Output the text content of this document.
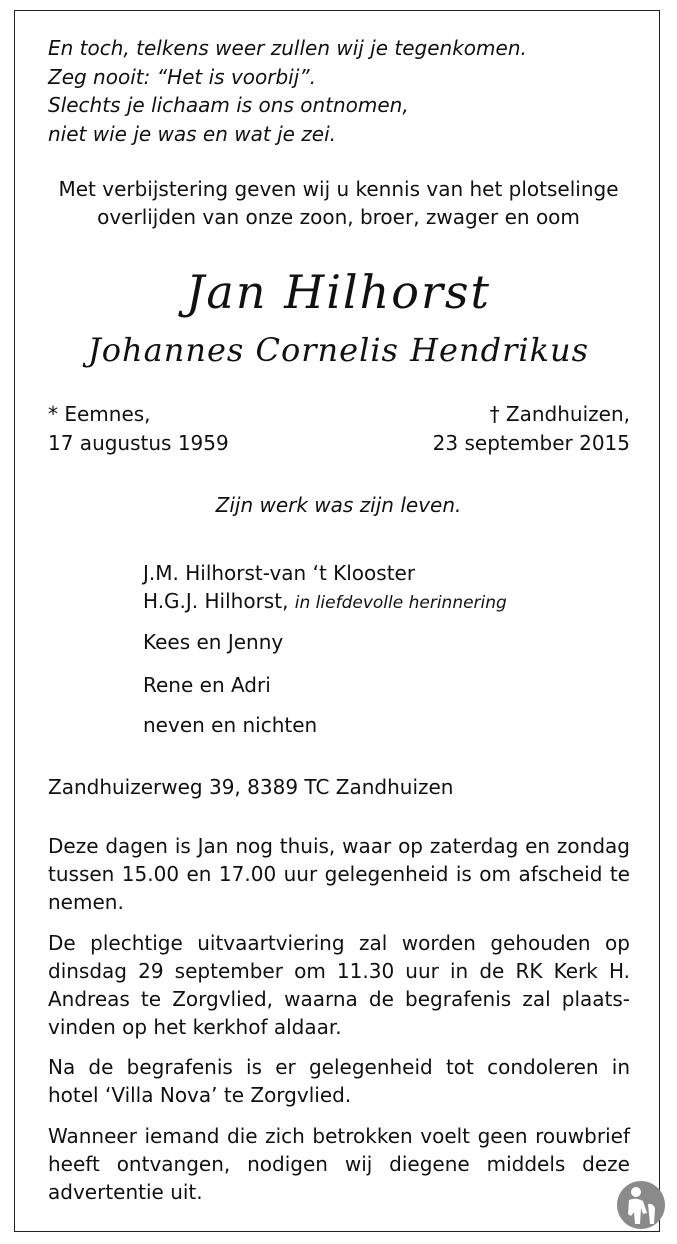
En toch, telkens weer zullen wij je tegenkomen.
Zeg nooit: “Het is voorbij”.
Slechts je lichaam is ons ontnomen,
niet wie je was en wat je zei.
Met verbijstering geven wij u kennis van het plotselinge
overlijden van onze zoon, broer, zwager en oom
Jan Hilhorst
Johannes Cornelis Hendrikus
* Eemnes,
17 augustus 1959
† Zandhuizen,
23 september 2015
Zijn werk was zijn leven.
J.M. Hilhorst-van ‘t Klooster
H.G.J. Hilhorst, in liefdevolle herinnering
Kees en Jenny
Rene en Adri
neven en nichten
Zandhuizerweg 39, 8389 TC Zandhuizen
Deze dagen is Jan nog thuis, waar op zaterdag en zondag tussen 15.00 en 17.00 uur gelegenheid is om afscheid te nemen.
De plechtige uitvaartviering zal worden gehouden op dinsdag 29 september om 11.30 uur in de RK Kerk H. Andreas te Zorgvlied, waarna de begrafenis zal plaats-vinden op het kerkhof aldaar.
Na de begrafenis is er gelegenheid tot condoleren in hotel ‘Villa Nova’ te Zorgvlied.
Wanneer iemand die zich betrokken voelt geen rouwbrief heeft ontvangen, nodigen wij diegene middels deze advertentie uit.
